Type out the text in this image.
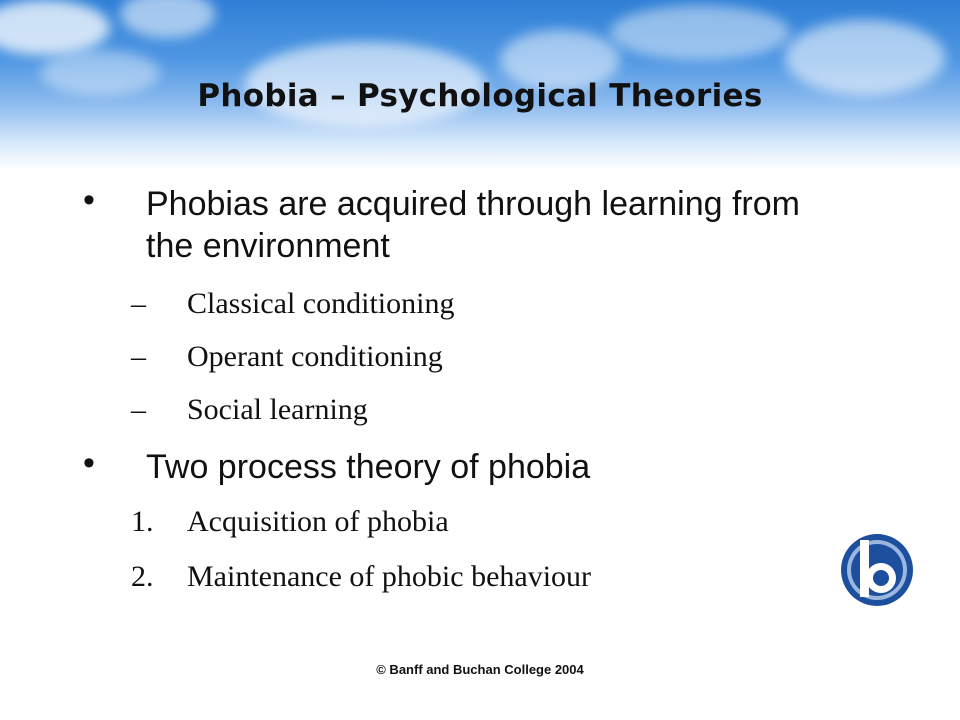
Phobia – Psychological Theories
• Phobias are acquired through learning from the environment
– Classical conditioning
– Operant conditioning
– Social learning
• Two process theory of phobia
1. Acquisition of phobia
2. Maintenance of phobic behaviour
© Banff and Buchan College 2004
